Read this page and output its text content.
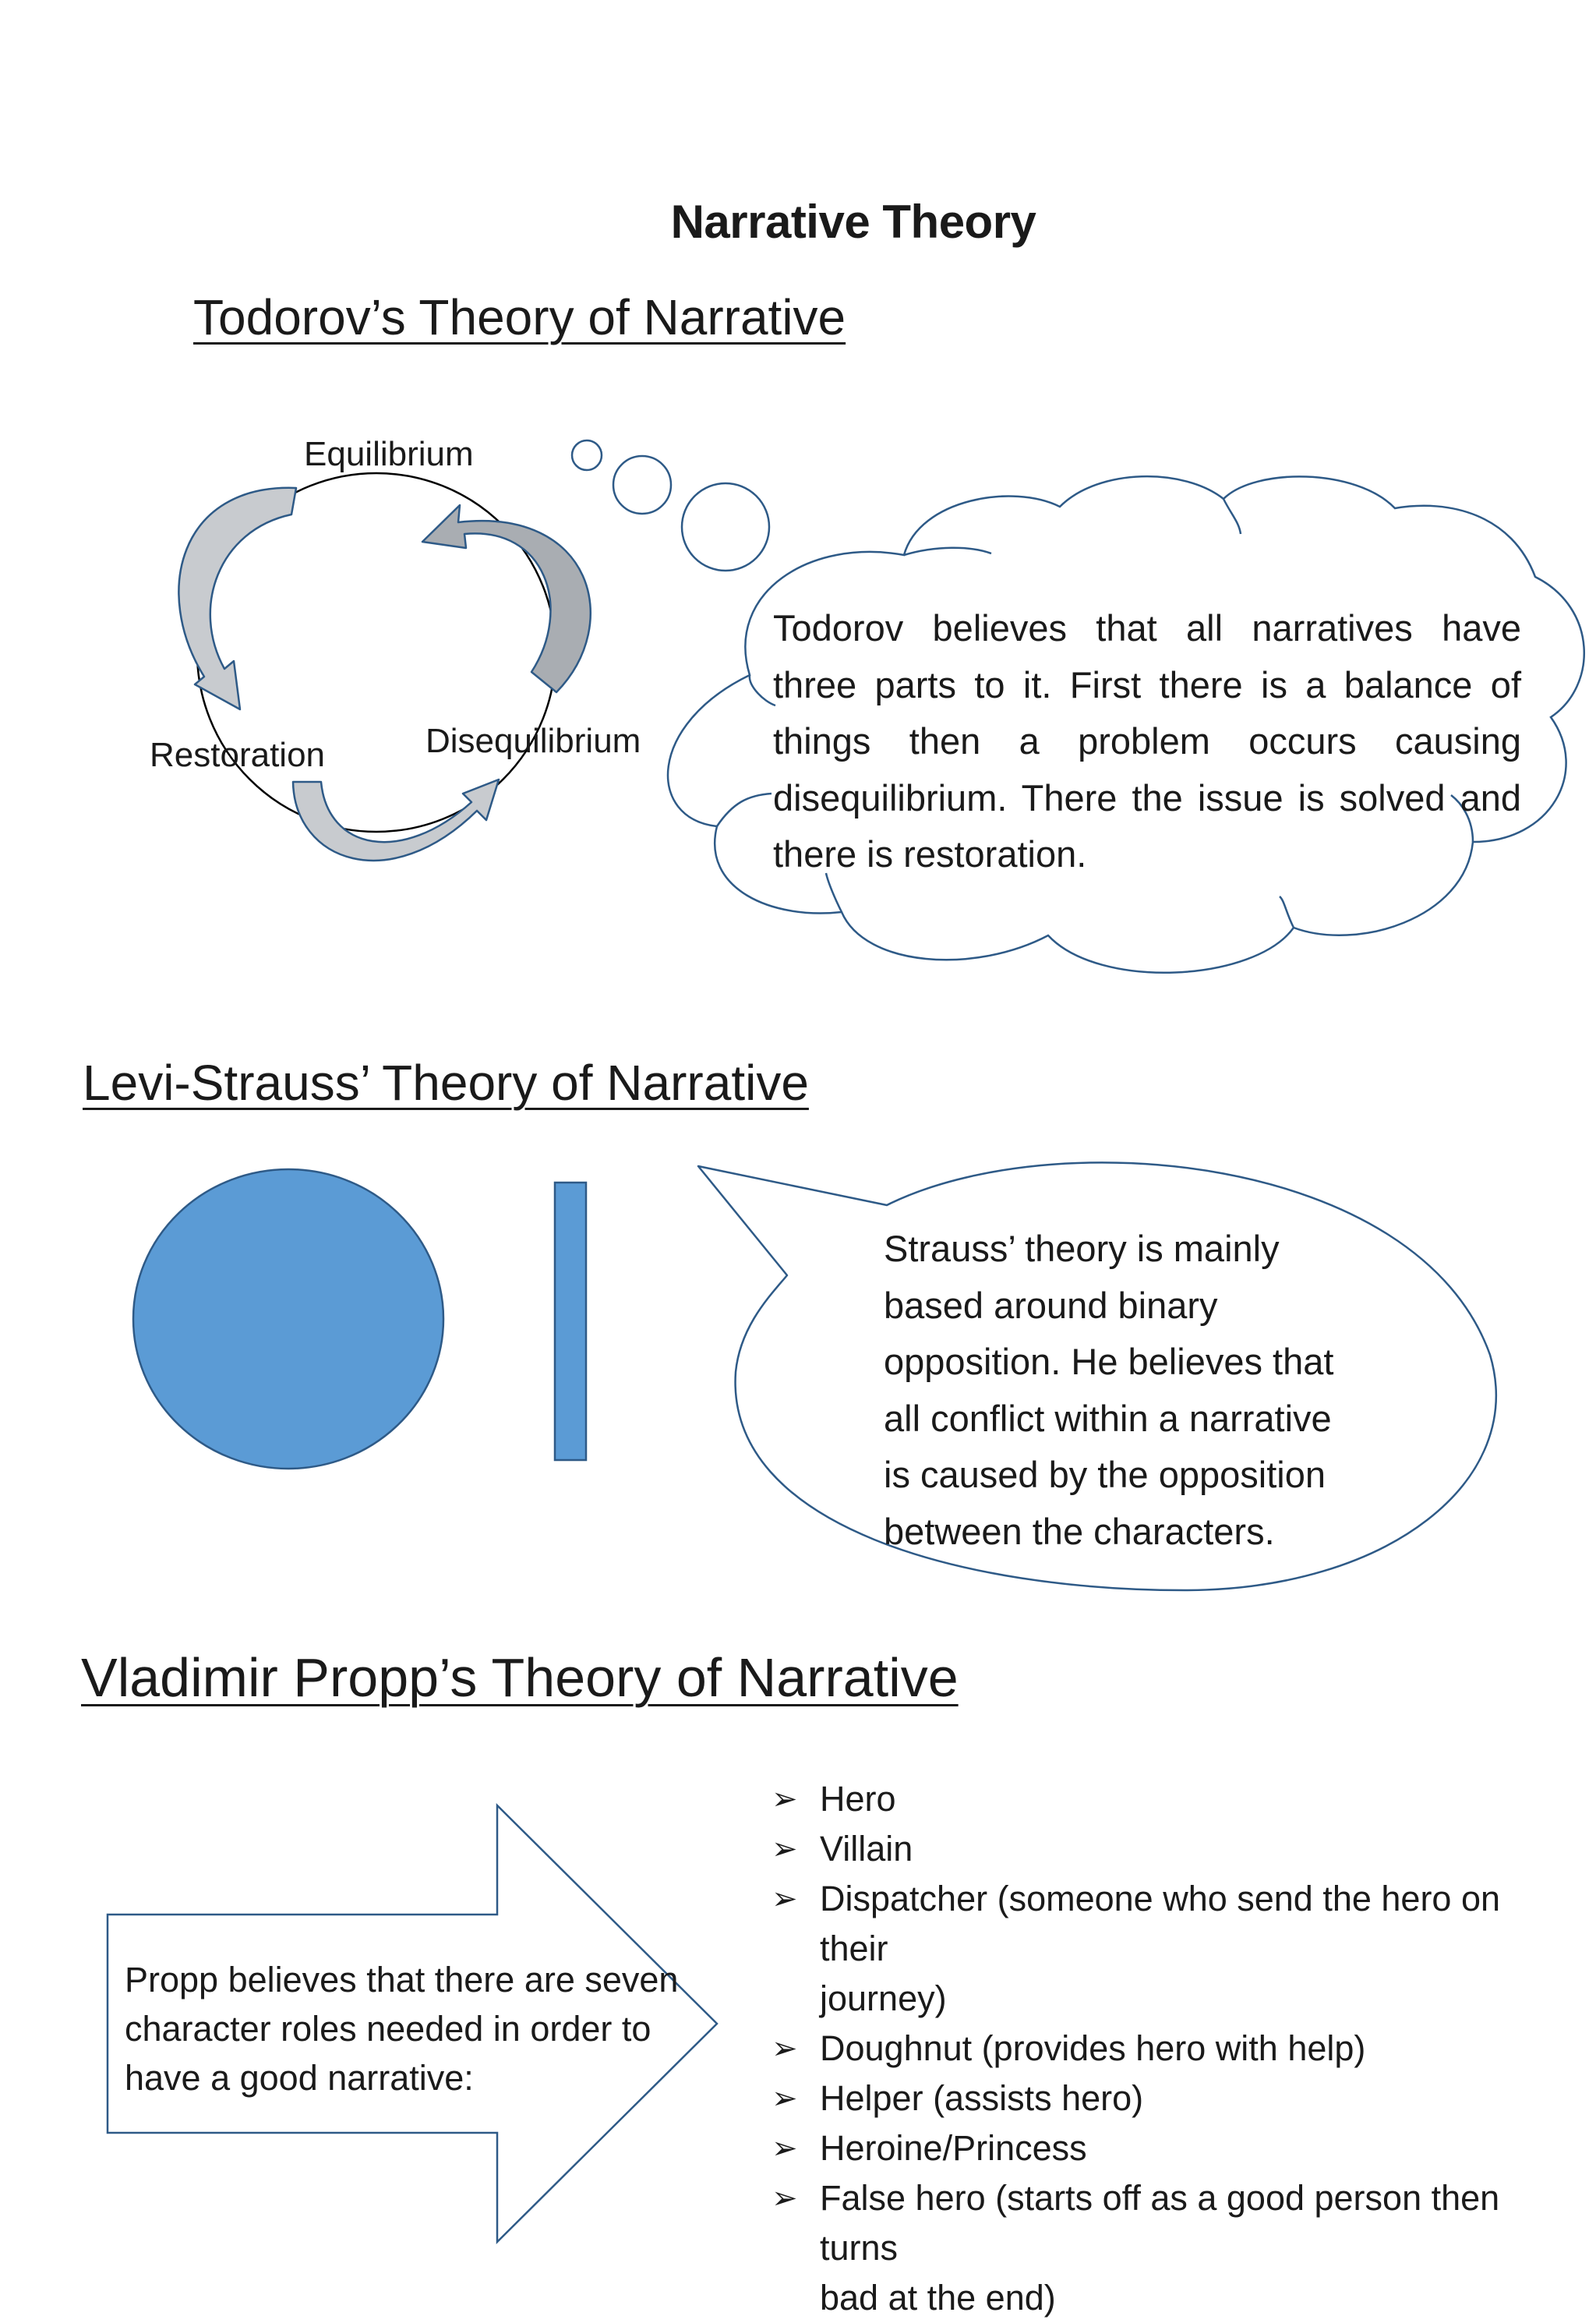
Narrative Theory
Todorov’s Theory of Narrative
Levi-Strauss’ Theory of Narrative
Vladimir Propp’s Theory of Narrative
Equilibrium
Disequilibrium
Restoration
Todorov believes that all narratives have
three parts to it. First there is a balance of
things then a problem occurs causing
disequilibrium. There the issue is solved and
there is restoration.
Strauss’ theory is mainly
based around binary
opposition. He believes that
all conflict within a narrative
is caused by the opposition
between the characters.
Propp believes that there are seven
character roles needed in order to
have a good narrative:
➢ Hero
➢ Villain
➢ Dispatcher (someone who send the hero on their
journey)
➢ Doughnut (provides hero with help)
➢ Helper (assists hero)
➢ Heroine/Princess
➢ False hero (starts off as a good person then turns
bad at the end)
